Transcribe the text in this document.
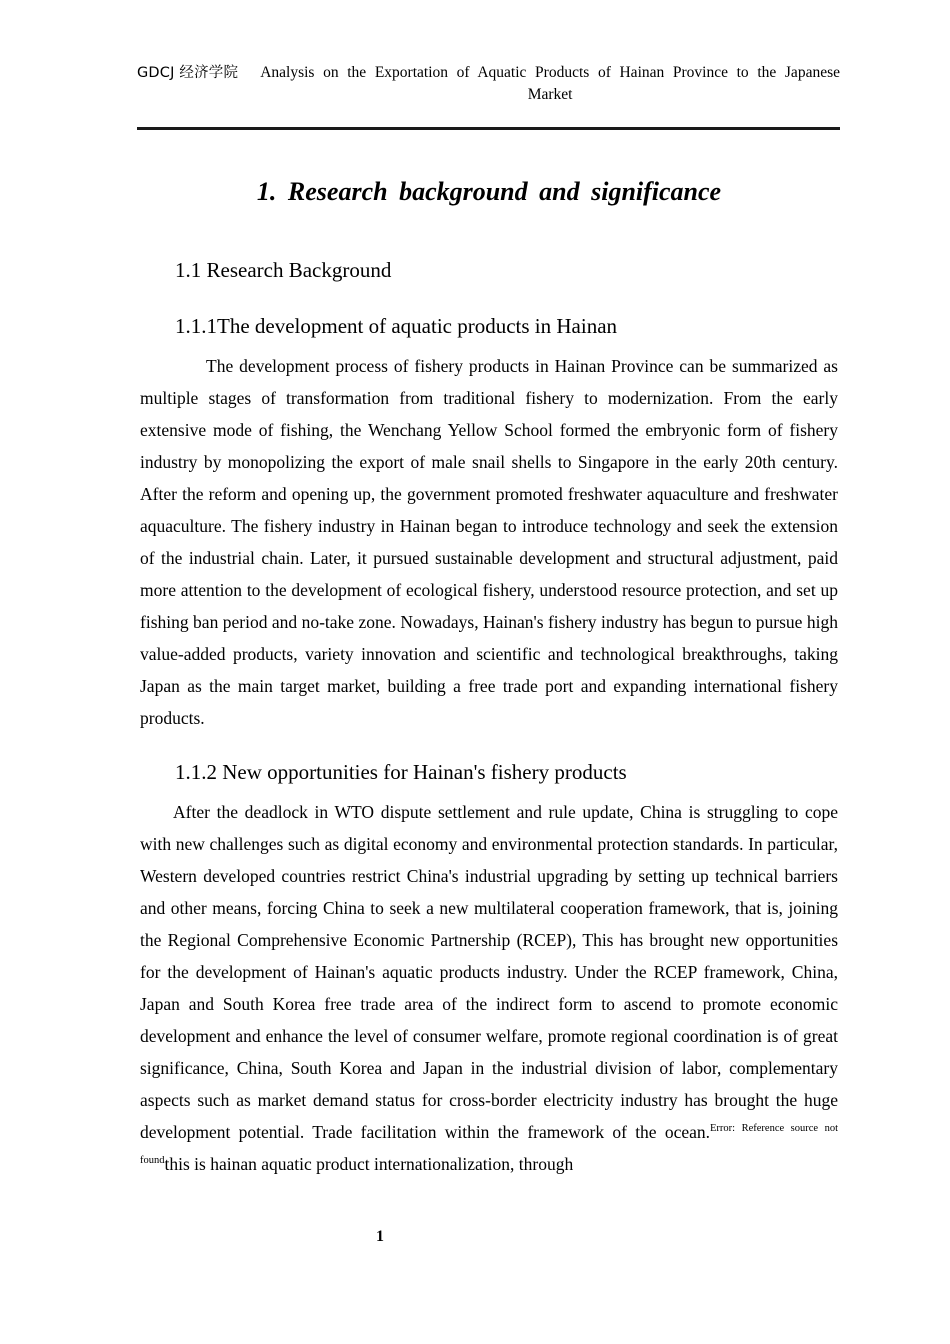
GDCJ 经济学院	Analysis on the Exportation of Aquatic Products of Hainan Province to the Japanese Market
1. Research background and significance
1.1 Research Background
1.1.1The development of aquatic products in Hainan

The development process of fishery products in Hainan Province can be summarized as multiple stages of transformation from traditional fishery to modernization. From the early extensive mode of fishing, the Wenchang Yellow School formed the embryonic form of fishery industry by monopolizing the export of male snail shells to Singapore in the early 20th century. After the reform and opening up, the government promoted freshwater aquaculture and freshwater aquaculture. The fishery industry in Hainan began to introduce technology and seek the extension of the industrial chain. Later, it pursued sustainable development and structural adjustment, paid more attention to the development of ecological fishery, understood resource protection, and set up fishing ban period and no-take zone. Nowadays, Hainan's fishery industry has begun to pursue high value-added products, variety innovation and scientific and technological breakthroughs, taking Japan as the main target market, building a free trade port and expanding international fishery products.

1.1.2 New opportunities for Hainan's fishery products

After the deadlock in WTO dispute settlement and rule update, China is struggling to cope with new challenges such as digital economy and environmental protection standards. In particular, Western developed countries restrict China's industrial upgrading by setting up technical barriers and other means, forcing China to seek a new multilateral cooperation framework, that is, joining the Regional Comprehensive Economic Partnership (RCEP), This has brought new opportunities for the development of Hainan's aquatic products industry. Under the RCEP framework, China, Japan and South Korea free trade area of the indirect form to ascend to promote economic development and enhance the level of consumer welfare, promote regional coordination is of great significance, China, South Korea and Japan in the industrial division of labor, complementary aspects such as market demand status for cross-border electricity industry has brought the huge development potential. Trade facilitation within the framework of the ocean.$^{Error: Reference source not found}$this is hainan aquatic product internationalization, through

1
